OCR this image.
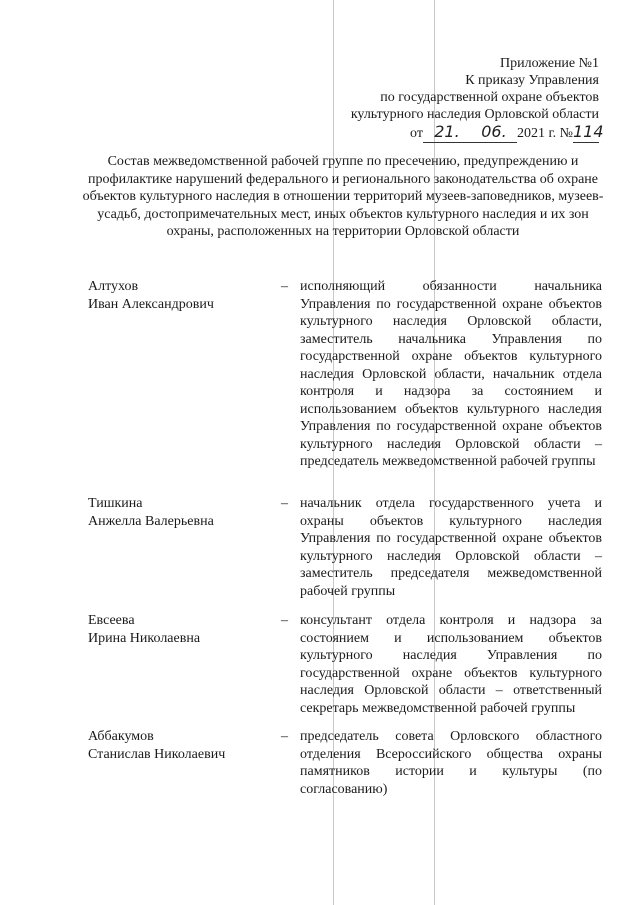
Приложение №1
К приказу Управления
по государственной охране объектов
культурного наследия Орловской области
от 21. 06. 2021 г. №114
Состав межведомственной рабочей группе по пресечению, предупреждению и профилактике нарушений федерального и регионального законодательства об охране объектов культурного наследия в отношении территорий музеев-заповедников, музеев-усадьб, достопримечательных мест, иных объектов культурного наследия и их зон охраны, расположенных на территории Орловской области
Алтухов
Иван Александрович
– исполняющий обязанности начальника Управления по государственной охране объектов культурного наследия Орловской области, заместитель начальника Управления по государственной охране объектов культурного наследия Орловской области, начальник отдела контроля и надзора за состоянием и использованием объектов культурного наследия Управления по государственной охране объектов культурного наследия Орловской области – председатель межведомственной рабочей группы
Тишкина
Анжелла Валерьевна
– начальник отдела государственного учета и охраны объектов культурного наследия Управления по государственной охране объектов культурного наследия Орловской области – заместитель председателя межведомственной рабочей группы
Евсеева
Ирина Николаевна
– консультант отдела контроля и надзора за состоянием и использованием объектов культурного наследия Управления по государственной охране объектов культурного наследия Орловской области – ответственный секретарь межведомственной рабочей группы
Аббакумов
Станислав Николаевич
– председатель совета Орловского областного отделения Всероссийского общества охраны памятников истории и культуры (по согласованию)
